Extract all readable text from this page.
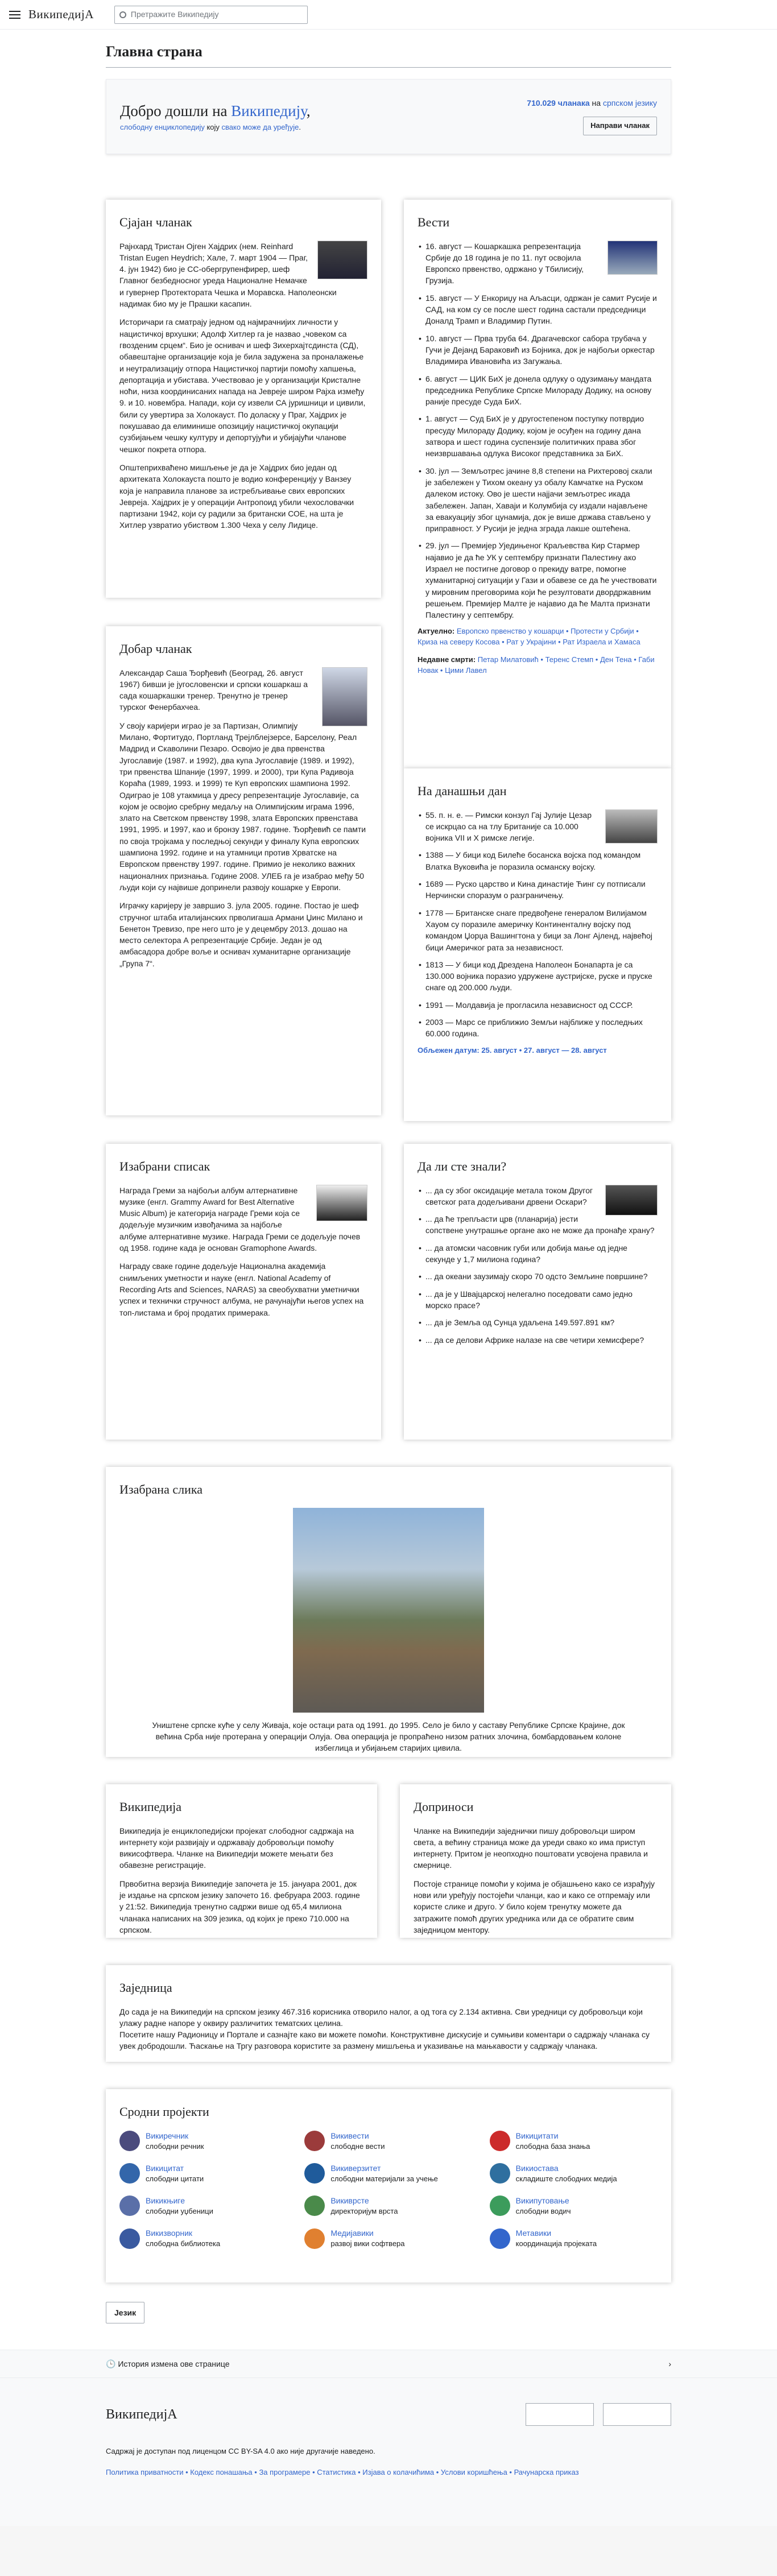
ВикипедијА	Претражите Википедију
Главна страна
Добро дошли на Википедију,
слободну енциклопедију коју свако може да уређује.
710.029 чланака на српском језику
Направи чланак
Сјајан чланак

Рајнхард Тристан Ојген Хајдрих (нем. Reinhard Tristan Eugen Heydrich; Хале, 7. март 1904 — Праг, 4. јун 1942) био је СС-обергрупенфирер, шеф Главног безбедносног уреда Националне Немачке и гувернер Протектората Чешка и Моравска. Наполеонски надимак био му је Прашки касапин.

Историчари га сматрају једном од најмрачнијих личности у нацистичкој врхушки; Адолф Хитлер га је назвао „човеком са гвозденим срцем“. Био је оснивач и шеф Зихерхајтсдинста (СД), обавештајне организације која је била задужена за проналажење и неутрализацију отпора Нацистичкој партији помоћу хапшења, депортација и убистава. Учествовао је у организацији Кристалне ноћи, низа координисаних напада на Јевреје широм Рајха између 9. и 10. новембра. Напади, који су извели СА јуришници и цивили, били су увертира за Холокауст. По доласку у Праг, Хајдрих је покушавао да елиминише опозицију нацистичкој окупацији сузбијањем чешку културу и депортујући и убијајући чланове чешког покрета отпора.

Општеприхваћено мишљење је да је Хајдрих био један од архитеката Холокауста пошто је водио конференцију у Ванзеу која је направила планове за истребљивање свих европских Јевреја. Хајдрих је у операцији Антропоид убили чехословачки партизани 1942, који су радили за британски СОЕ, на шта је Хитлер узвратио убиством 1.300 Чеха у селу Лидице.

Вести
• 16. август — Кошаркашка репрезентација Србије до 18 година је по 11. пут освојила Европско првенство, одржано у Тбилисију, Грузија.
• 15. август — У Енкориџу на Аљасци, одржан је самит Русије и САД, на ком су се после шест година састали председници Доналд Трамп и Владимир Путин.
• 10. август — Прва труба 64. Драгачевског сабора трубача у Гучи је Дејанд Бараковић из Бојника, док је најбољи оркестар Владимира Ивановића из Загужања.
• 6. август — ЦИК БиХ је донела одлуку о одузимању мандата председника Републике Српске Милораду Додику, на основу раније пресуде Суда БиХ.
• 1. август — Суд БиХ је у другостепеном поступку потврдио пресуду Милораду Додику, којом је осуђен на годину дана затвора и шест година суспензије политичких права због неизвршавања одлука Високог представника за БиХ.
• 30. јул — Земљотрес јачине 8,8 степени на Рихтеровој скали је забележен у Тихом океану уз обалу Камчатке на Руском далеком истоку. Ово је шести најјачи земљотрес икада забележен. Јапан, Хаваји и Колумбија су издали најављене за евакуацију због цунамија, док је више држава стављено у приправност. У Русији је једна зграда лакше оштећена.
• 29. јул — Премијер Уједињеног Краљевства Кир Стармер најавио је да ће УК у септембру признати Палестину ако Израел не постигне договор о прекиду ватре, помогне хуманитарној ситуацији у Гази и обавезе се да ће учествовати у мировним преговорима који ће резултовати двордржавним решењем. Премијер Малте је најавио да ће Малта признати Палестину у септембру.

Актуелно: Европско првенство у кошарци • Протести у Србији • Криза на северу Косова • Рат у Украјини • Рат Израела и Хамаса

Недавне смрти: Петар Милатовић • Теренс Стемп • Ден Тена • Габи Новак • Цими Лавел

Добар чланак

Александар Саша Ђорђевић (Београд, 26. август 1967) бивши је југословенски и српски кошаркаш а сада кошаркашки тренер. Тренутно је тренер турског Фенербахчеа.

У своју каријери играо је за Партизан, Олимпију Милано, Фортитудо, Портланд Трејлблејзерсе, Барселону, Реал Мадрид и Скаволини Пезаро. Освојио је два првенства Југославије (1987. и 1992), два купа Југославије (1989. и 1992), три првенства Шпаније (1997, 1999. и 2000), три Купа Радивоја Кораћа (1989, 1993. и 1999) те Куп европских шампиона 1992. Одиграо је 108 утакмица у дресу репрезентације Југославије, са којом је освојио сребрну медаљу на Олимпијским играма 1996, злато на Светском првенству 1998, злата Европских првенстава 1991, 1995. и 1997, као и бронзу 1987. године. Ђорђевић се памти по своја тројкама у последњој секунди у финалу Купа европских шампиона 1992. године и на утамници против Хрватске на Европском првенству 1997. године. Примио је неколико важних националних признања. Године 2008. УЛЕБ га је изабрао међу 50 људи који су највише допринели развоју кошарке у Европи.

Играчку каријеру је завршио 3. јула 2005. године. Постао је шеф стручног штаба италијанских прволигаша Армани Џинс Милано и Бенетон Тревизо, пре него што је у децембру 2013. дошао на место селектора А репрезентације Србије. Један је од амбасадора добре воље и оснивач хуманитарне организације „Група 7“.

На данашњи дан
• 55. п. н. е. — Римски конзул Гај Јулије Цезар се искрцао са на тлу Британије са 10.000 војника VII и X римске легије.
• 1388 — У бици код Билеће босанска војска под командом Влатка Вуковића је поразила османску војску.
• 1689 — Руско царство и Кина династије Ћинг су потписали Нерчински споразум о разграничењу.
• 1778 — Британске снаге предвођене генералом Вилијамом Хауом су поразиле америчку Континенталну војску под командом Џорџа Вашингтона у бици за Лонг Ајленд, највећој бици Америчког рата за независност.
• 1813 — У бици код Дрездена Наполеон Бонапарта је са 130.000 војника поразио удружене аустријске, руске и пруске снаге од 200.000 људи.
• 1991 — Молдавија је прогласила независност од СССР.
• 2003 — Марс се приближио Земљи најближе у последњих 60.000 година.

Обљежен датум: 25. август • 27. август — 28. август

Изабрани списак

Награда Греми за најбољи албум алтернативне музике (енгл. Grammy Award for Best Alternative Music Album) је категорија награде Греми која се додељује музичким извођачима за најбоље албуме алтернативне музике. Награда Греми се додељује почев од 1958. године када је основан Gramophone Awards.

Награду сваке године додељује Национална академија снимљених уметности и науке (енгл. National Academy of Recording Arts and Sciences, NARAS) за свеобухватни уметнички успех и технички стручност албума, не рачунајући његов успех на топ-листама и број продатих примерака.

Да ли сте знали?
• ... да су због оксидације метала током Другог светског рата додељивани дрвени Оскари?
• ... да ће трепљасти црв (планарија) јести сопствене унутрашње органе ако не може да пронађе храну?
• ... да атомски часовник губи или добија мање од једне секунде у 1,7 милиона година?
• ... да океани заузимају скоро 70 одсто Земљине површине?
• ... да је у Швајцарској нелегално поседовати само једно морско прасе?
• ... да је Земља од Сунца удаљена 149.597.891 км?
• ... да се делови Африке налазе на све четири хемисфере?
Изабрана слика

Уништене српске куће у селу Живаја, које остаци рата од 1991. до 1995. Село је било у саставу Републике Српске Крајине, док већина Срба није протерана у операцији Олуја. Ова операција је пропраћено низом ратних злочина, бомбардовањем колоне избеглица и убијањем старијих цивила.

Википедија

Википедија је енциклопедијски пројекат слободног садржаја на интернету који развијају и одржавају добровољци помоћу викисофтвера. Чланке на Википедији можете мењати без обавезне регистрације.

Првобитна верзија Википедије започета је 15. јануара 2001, док је издање на српском језику започето 16. фебруара 2003. године у 21:52. Википедија тренутно садржи више од 65,4 милиона чланака написаних на 309 језика, од којих је преко 710.000 на српском.

Доприноси

Чланке на Википедији заједнички пишу добровољци широм света, а већину страница може да уреди свако ко има приступ интернету. Притом је неопходно поштовати усвојена правила и смернице.

Постоје странице помоћи у којима је објашњено како се израђују нови или уређују постојећи чланци, као и како се отпремају или користе слике и друго. У било којем тренутку можете да затражите помоћ других уредника или да се обратите свим заједницом ментору.

Заједница

До сада је на Википедији на српском језику 467.316 корисника отворило налог, а од тога су 2.134 активна. Сви уредници су добровољци који улажу радне напоре у оквиру различитих тематских целина.

Посетите нашу Радионицу и Портале и сазнајте како ви можете помоћи. Конструктивне дискусије и сумњиви коментари о садржају чланака су увек добродошли. Ћаскање на Тргу разговора користите за размену мишљења и указивање на мањкавости у садржају чланака.

Сродни пројекти
Викиречник
слободни речник
Викивести
слободне вести
Викицитати
слободна база знања
Викицитат
слободни цитати
Викиверзитет
слободни материјали за учење
Викиостава
складиште слободних медија
Викикњиге
слободни уџбеници
Викиврсте
директоријум врста
Википутовање
слободни водич
Викизворник
слободна библиотека
Медијавики
развој вики софтвера
Метавики
координација пројеката
Језик
🕒 История измена ове странице	›
ВикипедијА
Садржај је доступан под лиценцом CC BY-SA 4.0 ако није другачије наведено.
Политика приватности • Кодекс понашања • За програмере • Статистика • Изјава о колачићима • Услови коришћења • Рачунарска приказ
